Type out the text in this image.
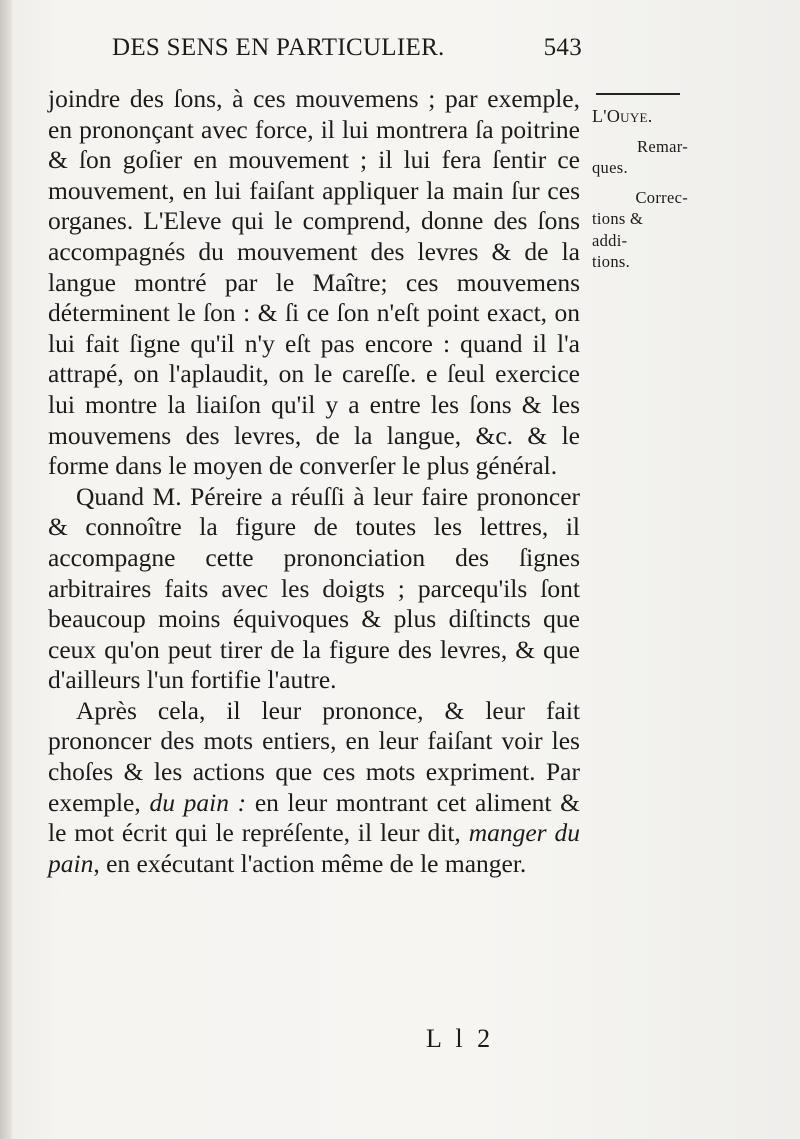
DES SENS EN PARTICULIER.	543

joindre des ſons, à ces mouvemens ; par exemple, en prononçant avec force, il lui montrera ſa poitrine & ſon goſier en mouvement ; il lui fera ſentir ce mouvement, en lui faiſant appliquer la main ſur ces organes. L'Eleve qui le comprend, donne des ſons accompagnés du mouvement des levres & de la langue montré par le Maître; ces mouvemens déterminent le ſon : & ſi ce ſon n'eſt point exact, on lui fait ſigne qu'il n'y eſt pas encore : quand il l'a attrapé, on l'aplaudit, on le careſſe. e ſeul exercice lui montre la liaiſon qu'il y a entre les ſons & les mouvemens des levres, de la langue, &c. & le forme dans le moyen de converſer le plus général.

Quand M. Péreire a réuſſi à leur faire prononcer & connoître la figure de toutes les lettres, il accompagne cette prononciation des ſignes arbitraires faits avec les doigts ; parcequ'ils ſont beaucoup moins équivoques & plus diſtincts que ceux qu'on peut tirer de la figure des levres, & que d'ailleurs l'un fortifie l'autre.

Après cela, il leur prononce, & leur fait prononcer des mots entiers, en leur faiſant voir les choſes & les actions que ces mots expriment. Par exemple, du pain : en leur montrant cet aliment & le mot écrit qui le repréſente, il leur dit, manger du pain, en exécutant l'action même de le manger.

L'Ouye.
Remar-
ques.
Correc-
tions &
addi-
tions.
L l 2
